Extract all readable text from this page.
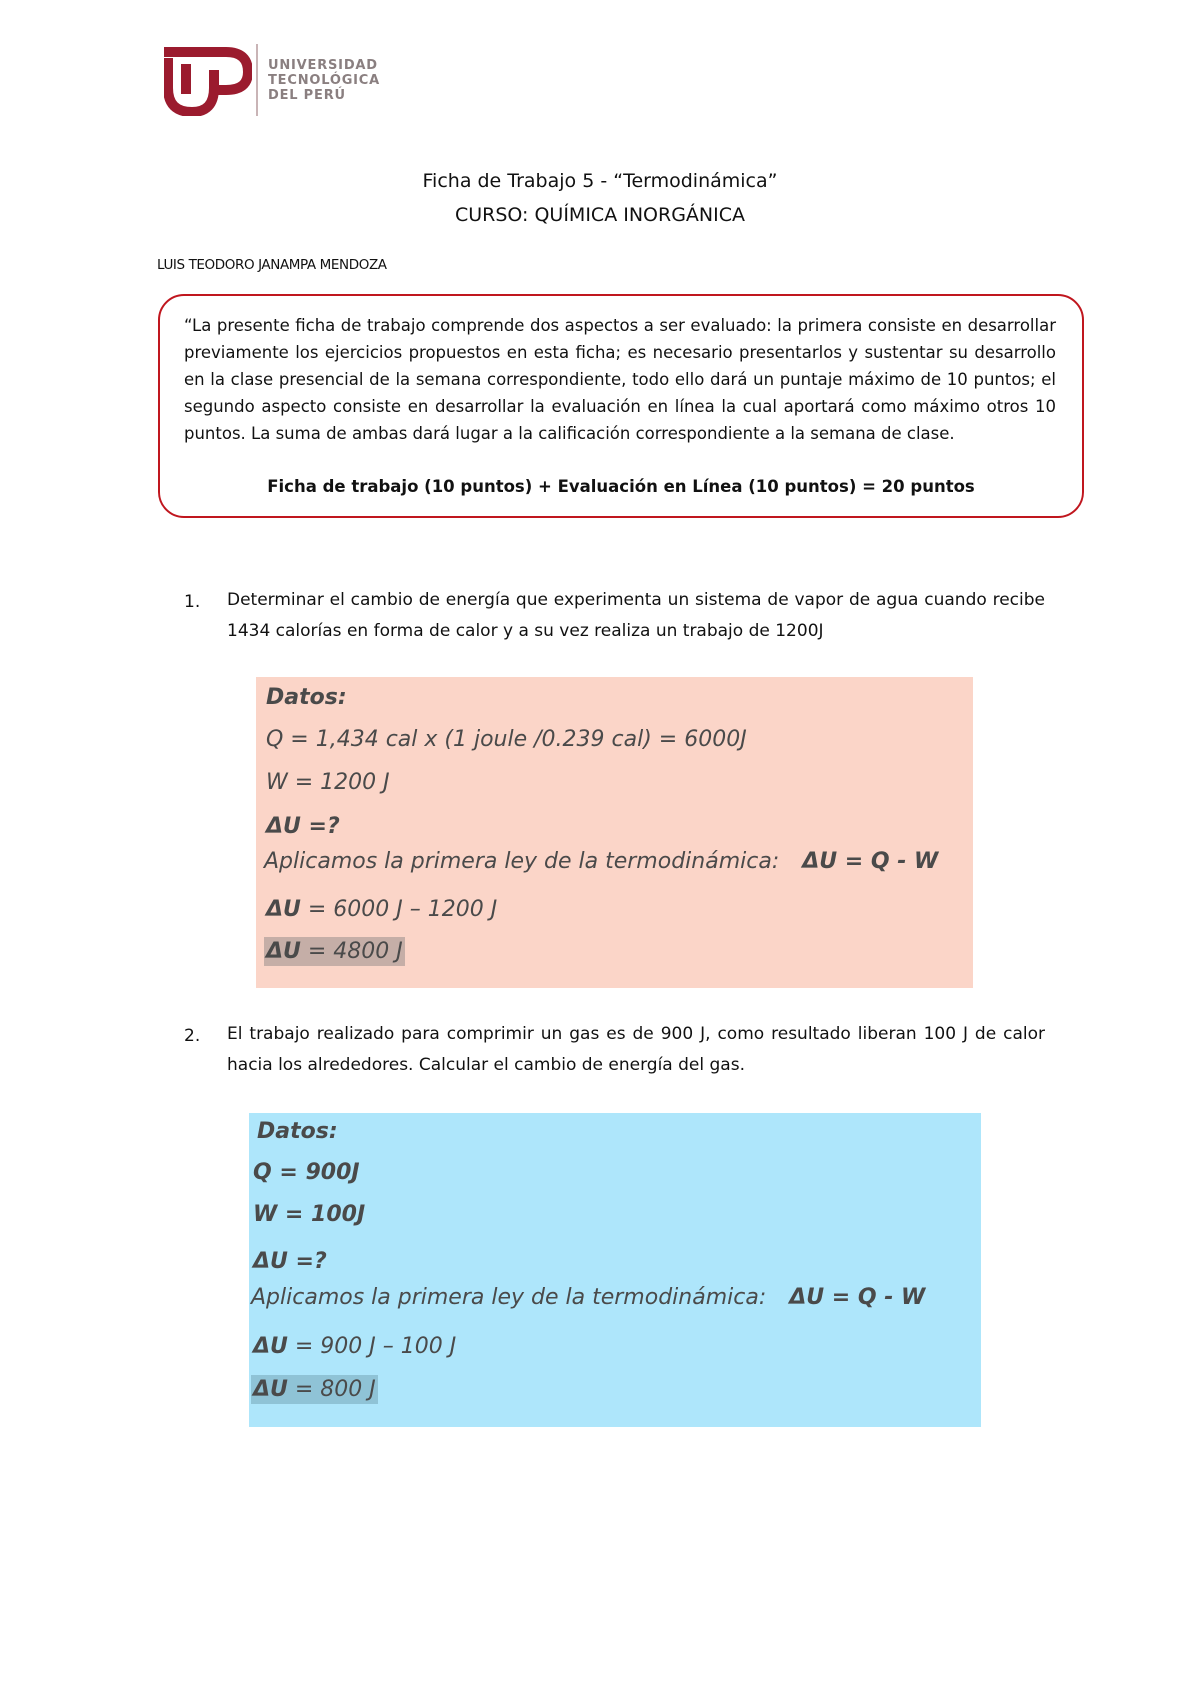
UNIVERSIDAD
TECNOLÓGICA
DEL PERÚ
Ficha de Trabajo 5 - “Termodinámica”
CURSO: QUÍMICA INORGÁNICA
LUIS TEODORO JANAMPA MENDOZA
“La presente ficha de trabajo comprende dos aspectos a ser evaluado: la primera consiste en desarrollar previamente los ejercicios propuestos en esta ficha; es necesario presentarlos y sustentar su desarrollo en la clase presencial de la semana correspondiente, todo ello dará un puntaje máximo de 10 puntos; el segundo aspecto consiste en desarrollar la evaluación en línea la cual aportará como máximo otros 10 puntos. La suma de ambas dará lugar a la calificación correspondiente a la semana de clase.
Ficha de trabajo (10 puntos) + Evaluación en Línea (10 puntos) = 20 puntos
1. Determinar el cambio de energía que experimenta un sistema de vapor de agua cuando recibe 1434 calorías en forma de calor y a su vez realiza un trabajo de 1200J
Datos:
Q = 1,434 cal x (1 joule /0.239 cal) = 6000J
W = 1200 J
ΔU =?
Aplicamos la primera ley de la termodinámica: ΔU = Q - W
ΔU = 6000 J – 1200 J
ΔU = 4800 J
2. El trabajo realizado para comprimir un gas es de 900 J, como resultado liberan 100 J de calor hacia los alrededores. Calcular el cambio de energía del gas.
Datos:
Q = 900J
W = 100J
ΔU =?
Aplicamos la primera ley de la termodinámica: ΔU = Q - W
ΔU = 900 J – 100 J
ΔU = 800 J
